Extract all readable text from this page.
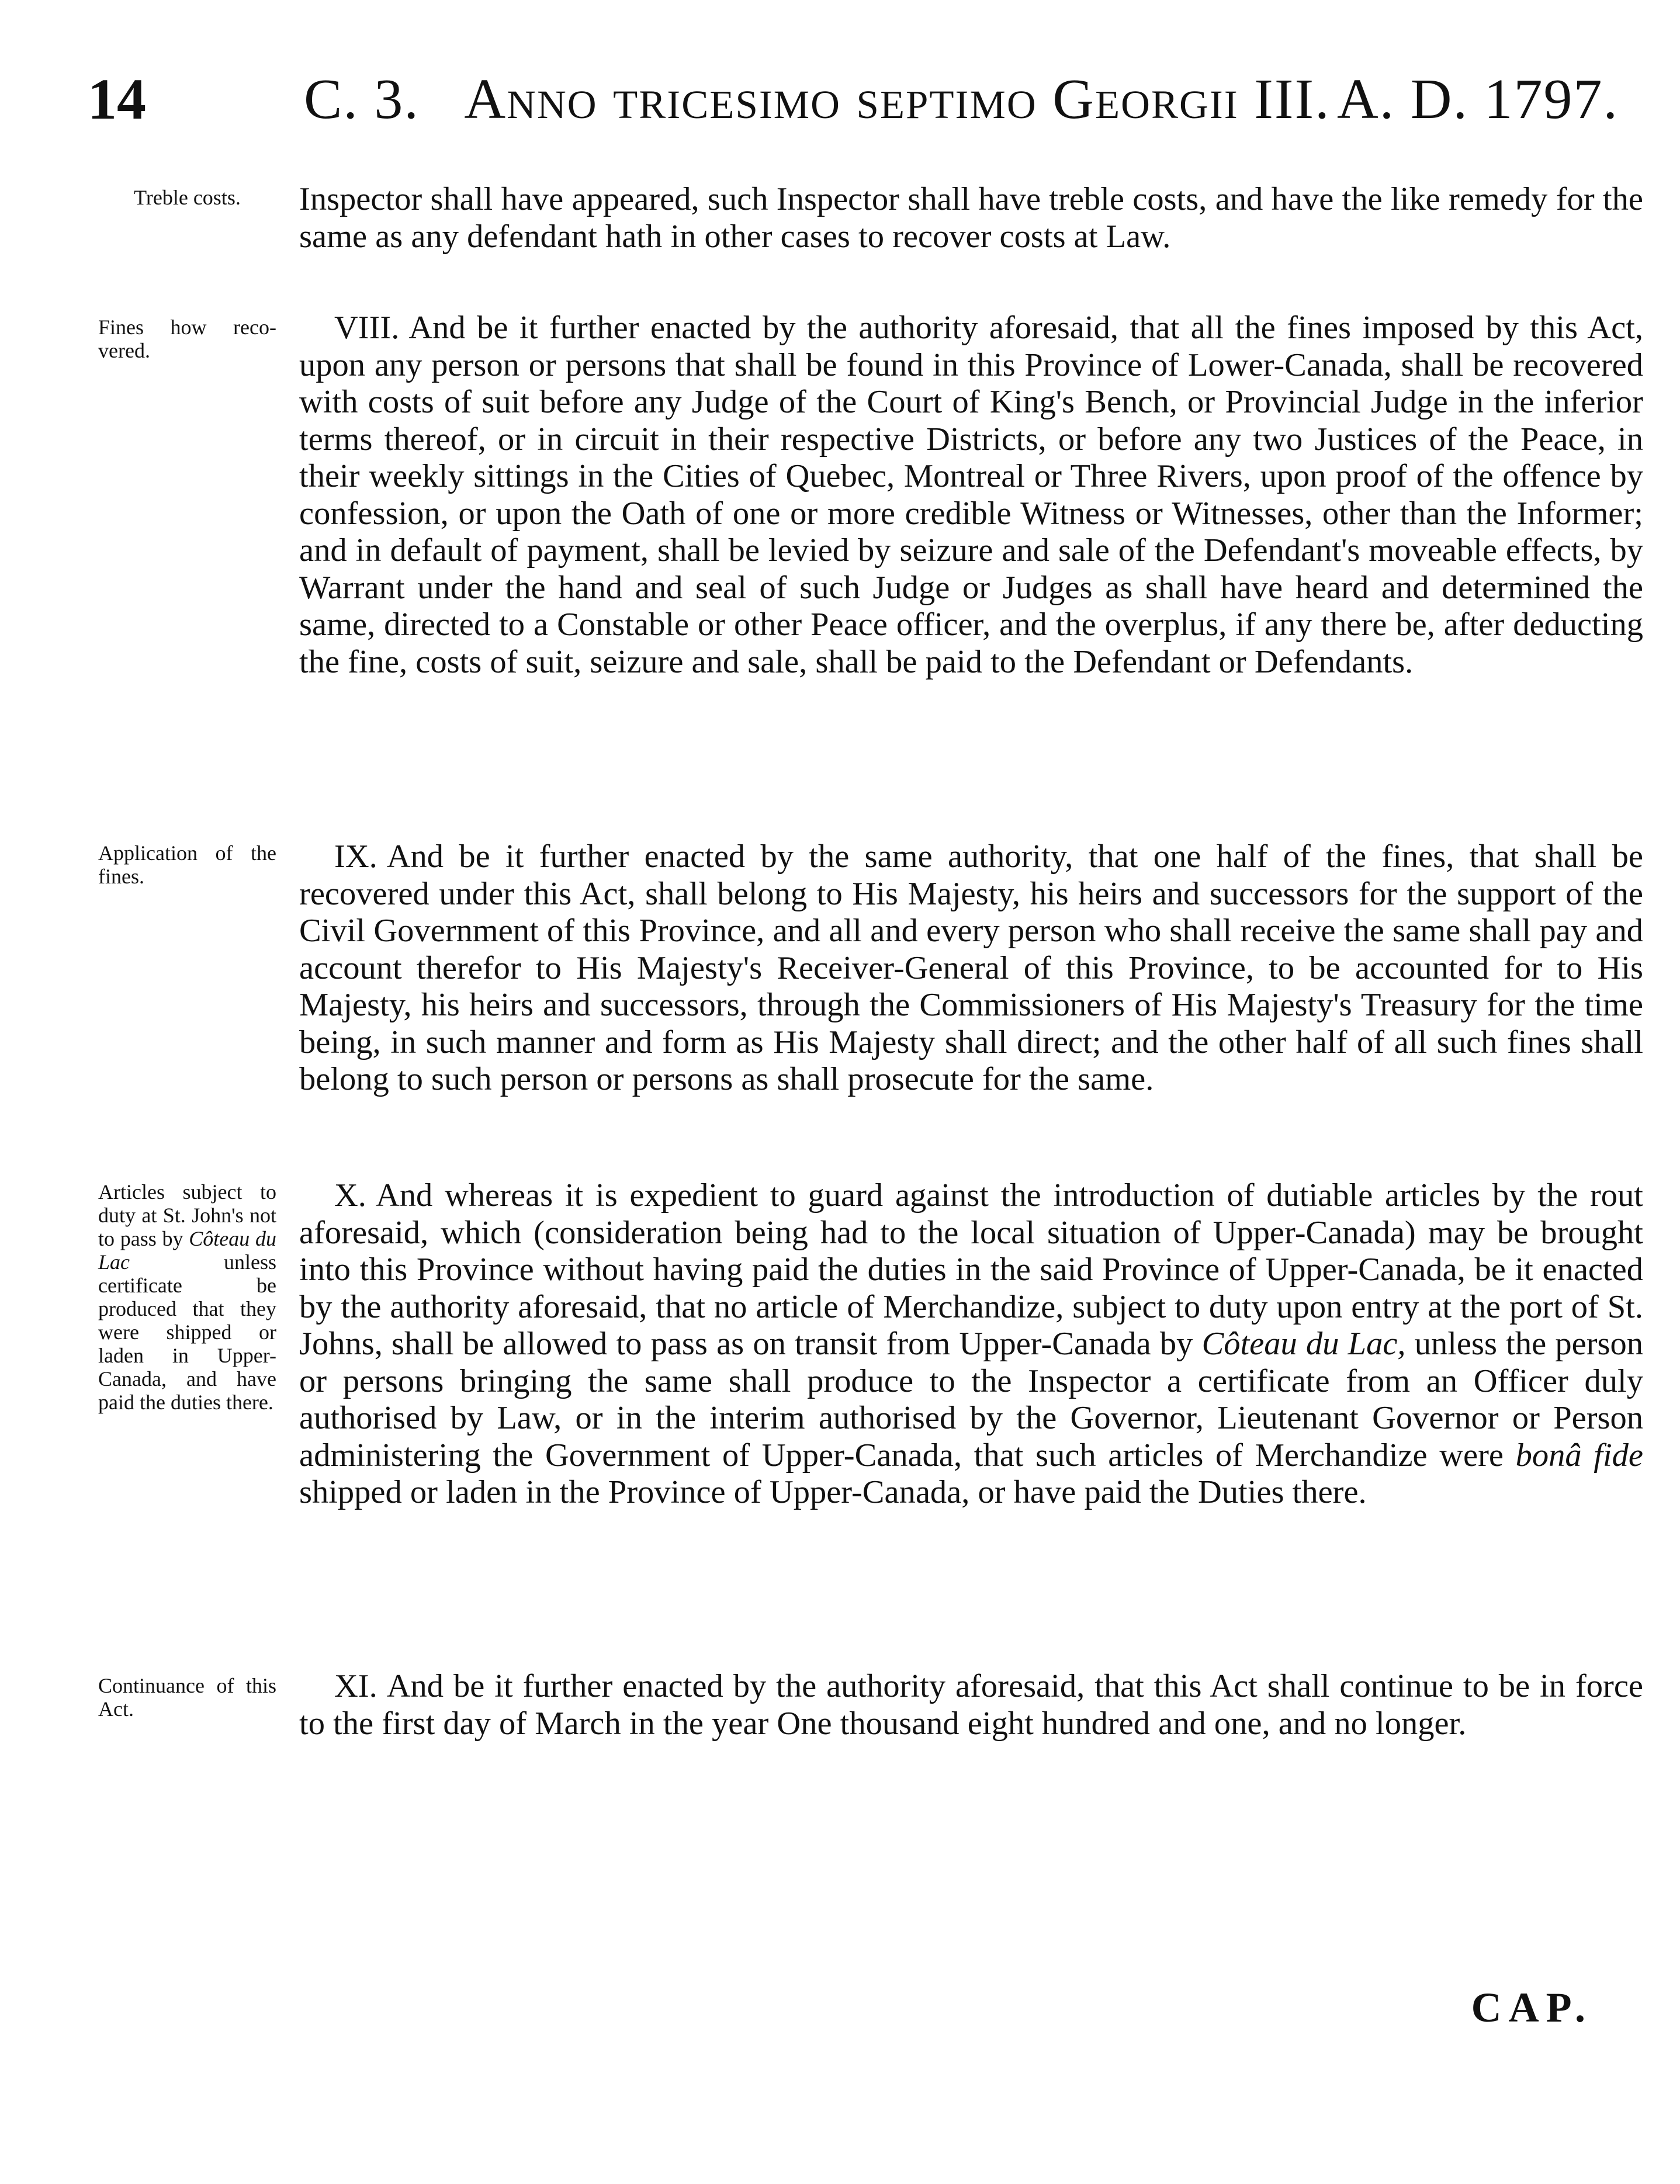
14	C. 3. Anno tricesimo septimo Georgii III. A. D. 1797.
Treble costs.
Fines how reco- vered.
Application of the fines.
Articles subject to duty at St. John's not to pass by Côteau du Lac	unless certificate be produced that they were shipped or laden in Upper-Canada, and have paid the duties there.
Continuance of this Act.

Inspector shall have appeared, such Inspector shall have treble costs, and have the like remedy for the same as any defendant hath in other cases to recover costs at Law.

VIII. And be it further enacted by the authority aforesaid, that all the fines imposed by this Act, upon any person or persons that shall be found in this Province of Lower-Canada, shall be recovered with costs of suit before any Judge of the Court of King's Bench, or Provincial Judge in the inferior terms thereof, or in circuit in their respective Districts, or before any two Justices of the Peace, in their weekly sittings in the Cities of Quebec, Montreal or Three Rivers, upon proof of the offence by confession, or upon the Oath of one or more credible Witness or Witnesses, other than the Informer; and in default of payment, shall be levied by seizure and sale of the Defendant's moveable effects, by Warrant under the hand and seal of such Judge or Judges as shall have heard and determined the same, directed to a Constable or other Peace officer, and the overplus, if any there be, after deducting the fine, costs of suit, seizure and sale, shall be paid to the Defendant or Defendants.

IX. And be it further enacted by the same authority, that one half of the fines, that shall be recovered under this Act, shall belong to His Majesty, his heirs and successors for the support of the Civil Government of this Province, and all and every person who shall receive the same shall pay and account therefor to His Majesty's Receiver-General of this Province, to be accounted for to His Majesty, his heirs and successors, through the Commissioners of His Majesty's Treasury for the time being, in such manner and form as His Majesty shall direct; and the other half of all such fines shall belong to such person or persons as shall prosecute for the same.

X. And whereas it is expedient to guard against the introduction of dutiable articles by the rout aforesaid, which (consideration being had to the local situation of Upper-Canada) may be brought into this Province without having paid the duties in the said Province of Upper-Canada, be it enacted by the authority aforesaid, that no article of Merchandize, subject to duty upon entry at the port of St. Johns, shall be allowed to pass as on transit from Upper-Canada by Côteau du Lac, unless the person or persons bringing the same shall produce to the Inspector a certificate from an Officer duly authorised by Law, or in the interim authorised by the Governor, Lieutenant Governor or Person administering the Government of Upper-Canada, that such articles of Merchandize were bonâ fide shipped or laden in the Province of Upper-Canada, or have paid the Duties there.

XI. And be it further enacted by the authority aforesaid, that this Act shall continue to be in force to the first day of March in the year One thousand eight hundred and one, and no longer.

CAP.
